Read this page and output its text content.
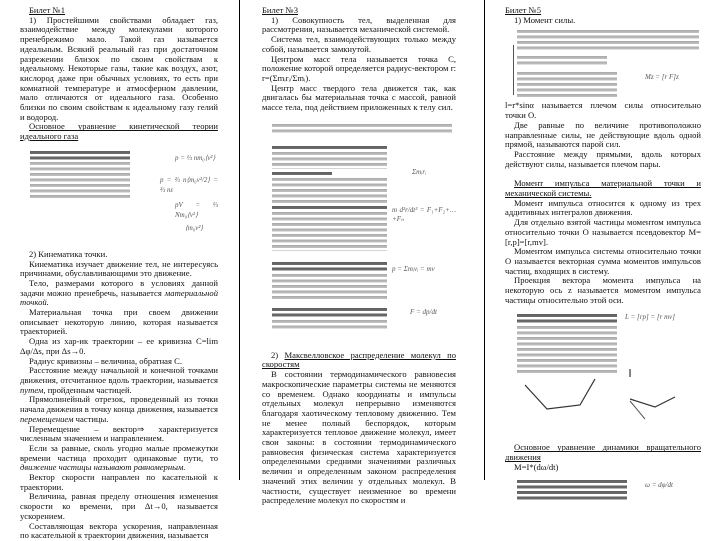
Билет №1

1) Простейшими свойствами обладает газ, взаимодействие между молекулами которого пренебрежимо мало. Такой газ называется идеальным. Всякий реальный газ при достаточном разрежении близок по своим свойствам к идеальному. Некоторые газы, такие как воздух, азот, кислород даже при обычных условиях, то есть при комнатной температуре и атмосферном давлении, мало отличаются от идеального газа. Особенно близки по своим свойствам к идеальному газу гелий и водород.

Основное уравнение кинетической теории идеального газа

p = ⅓ nm₀⟨v²⟩
p = ⅔ n⟨m₀v²/2⟩ = ⅔ nε
pV = ⅓ Nm₀⟨v²⟩
⟨m₀v²⟩

2) Кинематика точки.

Кинематика изучает движение тел, не интересуясь причинами, обуславливающими это движение.

Тело, размерами которого в условиях данной задачи можно пренебречь, называется материальной точкой.

Материальная точка при своем движении описывает некоторую линию, которая называется траекторией.

Одна из хар-ик траектории – ее кривизна C=lim Δφ/Δs, при Δs→0.

Радиус кривизны – величина, обратная C.

Расстояние между начальной и конечной точками движения, отсчитанное вдоль траектории, называется путем, пройденным частицей.

Прямолинейный отрезок, проведенный из точки начала движения в точку конца движения, называется перемещением частицы.

Перемещение – вектор⇒ характеризуется численным значением и направлением.

Если за равные, сколь угодно малые промежутки времени частица проходит одинаковые пути, то движение частицы называют равномерным.

Вектор скорости направлен по касательной к траектории.

Величина, равная пределу отношения изменения скорости ко времени, при Δt→0, называется ускорением.

Составляющая вектора ускорения, направленная по касательной к траектории движения, называется

Билет №3

1) Совокупность тел, выделенная для рассмотрения, называется механической системой.

Система тел, взаимодействующих только между собой, называется замкнутой.

Центром масс тела называется точка C, положение которой определяется радиус-вектором r: r=(Σmᵢrᵢ/Σmᵢ).

Центр масс твердого тела движется так, как двигалась бы материальная точка с массой, равной массе тела, под действием приложенных к телу сил.

Σmᵢrᵢ
m d²r/dt² = F₁+F₂+…+Fₙ
p = Σmᵢvᵢ = mv
F = dp/dt

2) Максвелловское распределение молекул по скоростям

В состоянии термодинамического равновесия макроскопические параметры системы не меняются со временем. Однако координаты и импульсы отдельных молекул непрерывно изменяются благодаря хаотическому тепловому движению. Тем не менее полный беспорядок, которым характеризуется тепловое движение молекул, имеет свои законы: в состоянии термодинамического равновесия физическая система характеризуется определенными средними значениями различных величин и определенным законом распределения значений этих величин у отдельных молекул. В частности, существует неизменное во времени распределение молекул по скоростям и

Билет №5

1) Момент силы.

Mz = [r F]z

l=r*sinα называется плечом силы относительно точки O.

Две равные по величине противоположно направленные силы, не действующие вдоль одной прямой, называются парой сил.

Расстояние между прямыми, вдоль которых действуют силы, называется плечом пары.

Момент импульса материальной точки и механической системы.

Момент импульса относится к одному из трех аддитивных интегралов движения.

Для отдельно взятой частицы моментом импульса относительно точки O называется псевдовектор M=[r,p]=[r,mv].

Моментом импульса системы относительно точки O называется векторная сумма моментов импульсов частиц, входящих в систему.

Проекция вектора момента импульса на некоторую ось z называется моментом импульса частицы относительно этой оси.

L = [rp] = [r mv]

Основное уравнение динамики вращательного движения

M=I*(dω/dt)

ω = dφ/dt
